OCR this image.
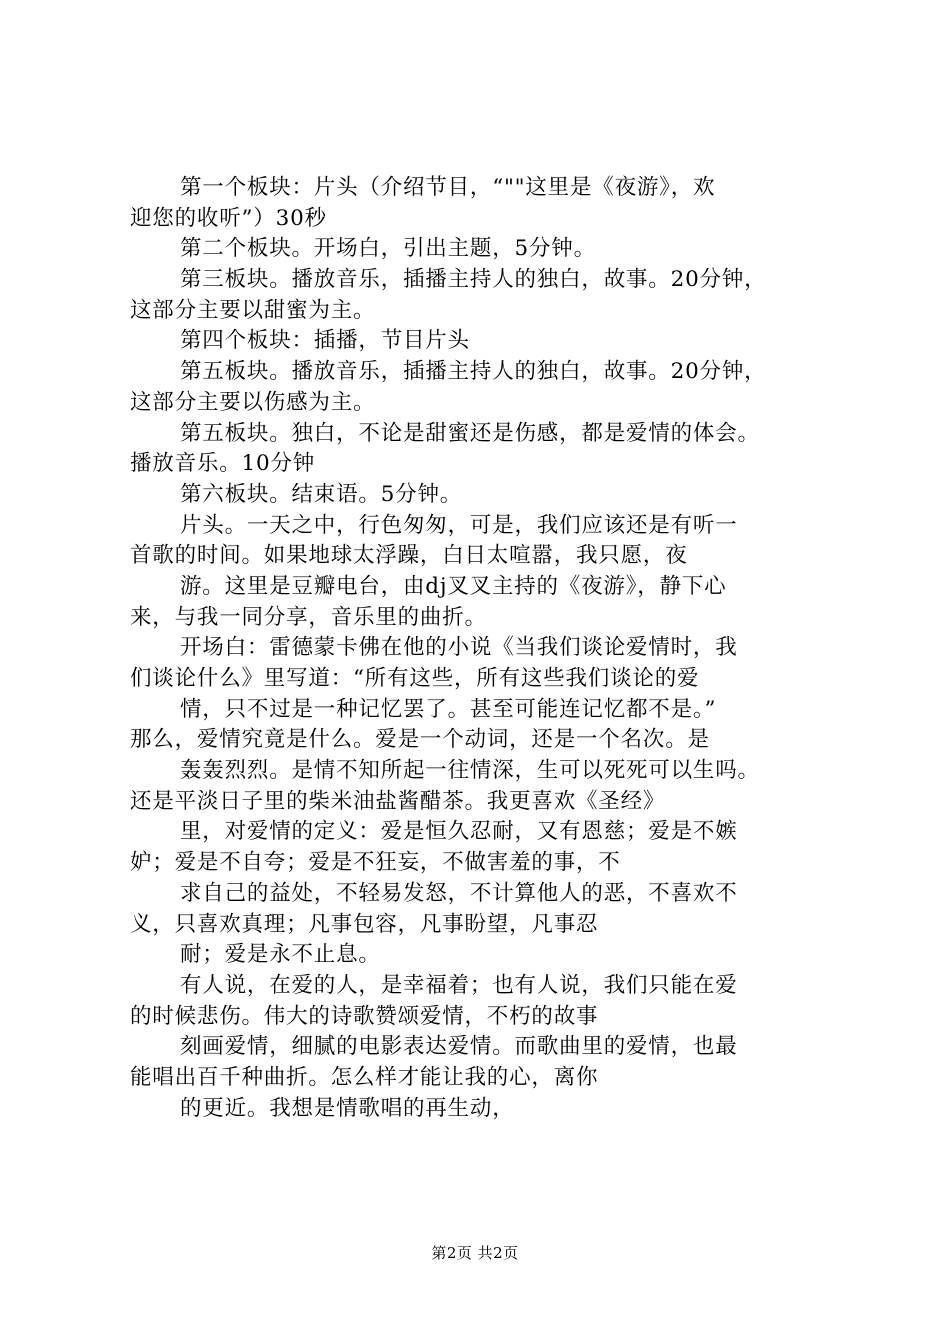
第一个板块：片头（介绍节目，“""这里是《夜游》，欢
迎您的收听”）30秒
第二个板块。开场白，引出主题，5分钟。
第三板块。播放音乐，插播主持人的独白，故事。20分钟，
这部分主要以甜蜜为主。
第四个板块：插播，节目片头
第五板块。播放音乐，插播主持人的独白，故事。20分钟，
这部分主要以伤感为主。
第五板块。独白，不论是甜蜜还是伤感，都是爱情的体会。
播放音乐。10分钟
第六板块。结束语。5分钟。
片头。一天之中，行色匆匆，可是，我们应该还是有听一
首歌的时间。如果地球太浮躁，白日太喧嚣，我只愿，夜
游。这里是豆瓣电台，由dj叉叉主持的《夜游》，静下心
来，与我一同分享，音乐里的曲折。
开场白：雷德蒙卡佛在他的小说《当我们谈论爱情时，我
们谈论什么》里写道：“所有这些，所有这些我们谈论的爱
情，只不过是一种记忆罢了。甚至可能连记忆都不是。”
那么，爱情究竟是什么。爱是一个动词，还是一个名次。是
轰轰烈烈。是情不知所起一往情深，生可以死死可以生吗。
还是平淡日子里的柴米油盐酱醋茶。我更喜欢《圣经》
里，对爱情的定义：爱是恒久忍耐，又有恩慈；爱是不嫉
妒；爱是不自夸；爱是不狂妄，不做害羞的事，不
求自己的益处，不轻易发怒，不计算他人的恶，不喜欢不
义，只喜欢真理；凡事包容，凡事盼望，凡事忍
耐；爱是永不止息。
有人说，在爱的人，是幸福着；也有人说，我们只能在爱
的时候悲伤。伟大的诗歌赞颂爱情，不朽的故事
刻画爱情，细腻的电影表达爱情。而歌曲里的爱情，也最
能唱出百千种曲折。怎么样才能让我的心，离你
的更近。我想是情歌唱的再生动，
第2页 共2页
